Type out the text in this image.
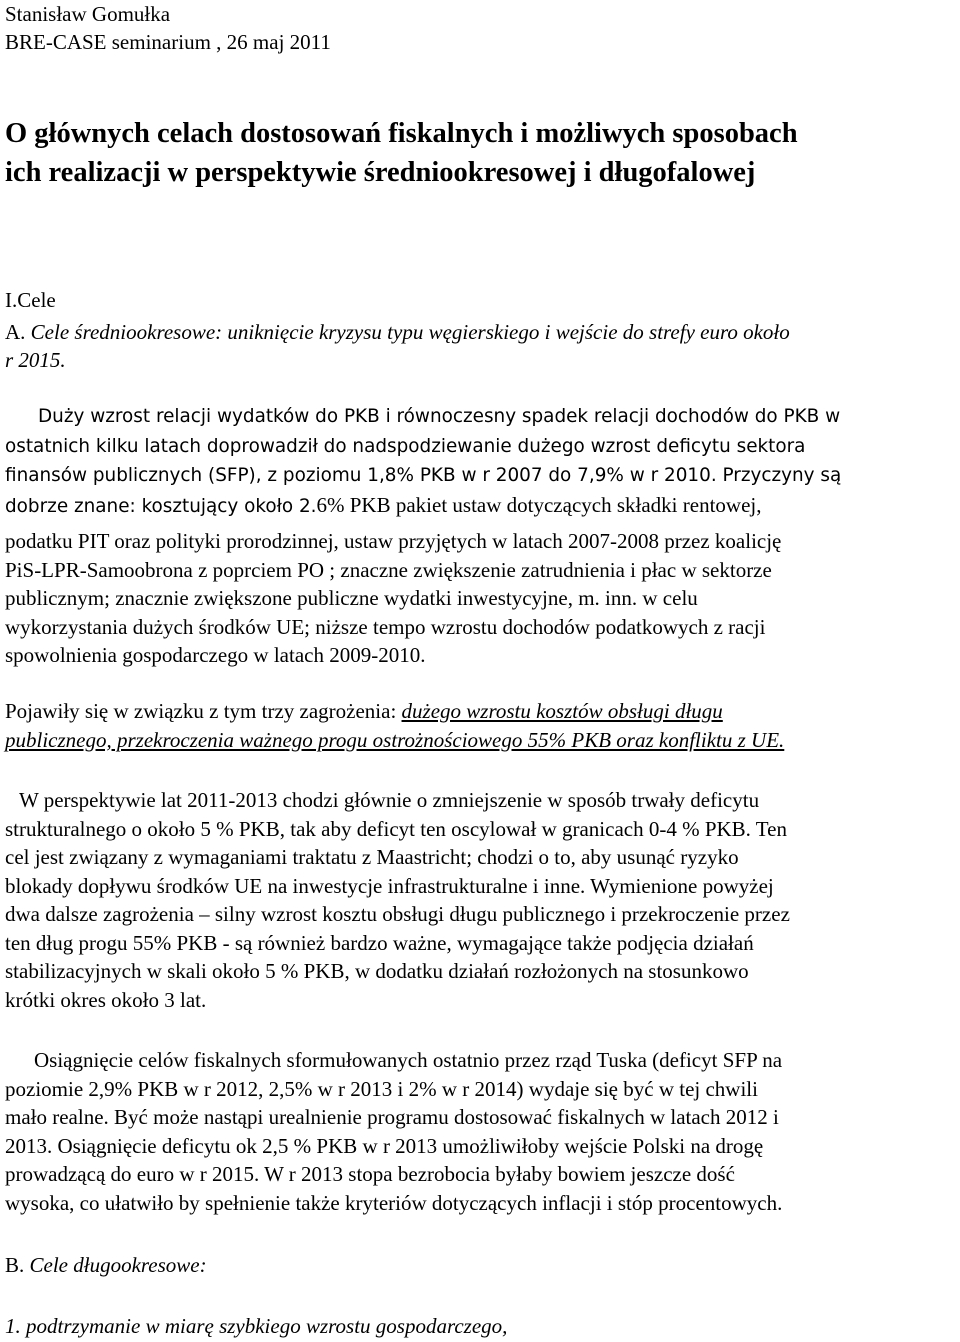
Stanisław Gomułka
BRE-CASE seminarium , 26 maj 2011

O głównych celach dostosowań fiskalnych i możliwych sposobach
ich realizacji w perspektywie średniookresowej i długofalowej

I.Cele

A. Cele średniookresowe: uniknięcie kryzysu typu węgierskiego i wejście do strefy euro około
r 2015.

Duży wzrost relacji wydatków do PKB i równoczesny spadek relacji dochodów do PKB w
ostatnich kilku latach doprowadził do nadspodziewanie dużego wzrost deficytu sektora
finansów publicznych (SFP), z poziomu 1,8% PKB w r 2007 do 7,9% w r 2010. Przyczyny są
dobrze znane: kosztujący około 2.6% PKB pakiet ustaw dotyczących składki rentowej,
podatku PIT oraz polityki prorodzinnej, ustaw przyjętych w latach 2007-2008 przez koalicję
PiS-LPR-Samoobrona z poprciem PO ; znaczne zwiększenie zatrudnienia i płac w sektorze
publicznym; znacznie zwiększone publiczne wydatki inwestycyjne, m. inn. w celu
wykorzystania dużych środków UE; niższe tempo wzrostu dochodów podatkowych z racji
spowolnienia gospodarczego w latach 2009-2010.
Pojawiły się w związku z tym trzy zagrożenia: dużego wzrostu kosztów obsługi długu
publicznego, przekroczenia ważnego progu ostrożnościowego 55% PKB oraz konfliktu z UE.
W perspektywie lat 2011-2013 chodzi głównie o zmniejszenie w sposób trwały deficytu
strukturalnego o około 5 % PKB, tak aby deficyt ten oscylował w granicach 0-4 % PKB. Ten
cel jest związany z wymaganiami traktatu z Maastricht; chodzi o to, aby usunąć ryzyko
blokady dopływu środków UE na inwestycje infrastrukturalne i inne. Wymienione powyżej
dwa dalsze zagrożenia – silny wzrost kosztu obsługi długu publicznego i przekroczenie przez
ten dług progu 55% PKB - są również bardzo ważne, wymagające także podjęcia działań
stabilizacyjnych w skali około 5 % PKB, w dodatku działań rozłożonych na stosunkowo
krótki okres około 3 lat.
Osiągnięcie celów fiskalnych sformułowanych ostatnio przez rząd Tuska (deficyt SFP na
poziomie 2,9% PKB w r 2012, 2,5% w r 2013 i 2% w r 2014) wydaje się być w tej chwili
mało realne. Być może nastąpi urealnienie programu dostosować fiskalnych w latach 2012 i
2013. Osiągnięcie deficytu ok 2,5 % PKB w r 2013 umożliwiłoby wejście Polski na drogę
prowadzącą do euro w r 2015. W r 2013 stopa bezrobocia byłaby bowiem jeszcze dość
wysoka, co ułatwiło by spełnienie także kryteriów dotyczących inflacji i stóp procentowych.

B. Cele długookresowe:

1. podtrzymanie w miarę szybkiego wzrostu gospodarczego,
